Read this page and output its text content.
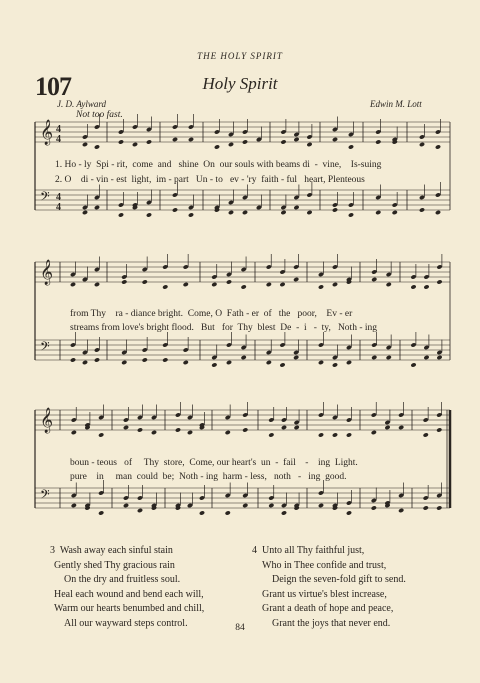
THE HOLY SPIRIT
107	Holy Spirit
J. D. Aylward	Edwin M. Lott
Not too fast.
𝄞 4
4
𝄢 4
4
𝄞
𝄢
𝄞
𝄢
1. Ho - ly  Spi - rit,  come  and   shine  On  our souls with beams di  -  vine,    Is-suing
2. O    di - vin - est  light,  im - part   Un - to   ev - 'ry  faith - ful   heart, Plenteous
from Thy    ra - diance bright.  Come, O  Fath - er  of   the   poor,    Ev - er
streams from love's bright flood.   But   for  Thy  blest  De  -  i   -  ty,   Noth - ing
boun - teous   of     Thy  store,  Come, our heart's  un  -  fail    -    ing  Light.
pure    in     man  could  be;  Noth - ing  harm - less,   noth   -   ing  good.
3  Wash away each sinful stain
Gently shed Thy gracious rain
On the dry and fruitless soul.
Heal each wound and bend each will,
Warm our hearts benumbed and chill,
All our wayward steps control.
4  Unto all Thy faithful just,
Who in Thee confide and trust,
Deign the seven-fold gift to send.
Grant us virtue's blest increase,
Grant a death of hope and peace,
Grant the joys that never end.
84
